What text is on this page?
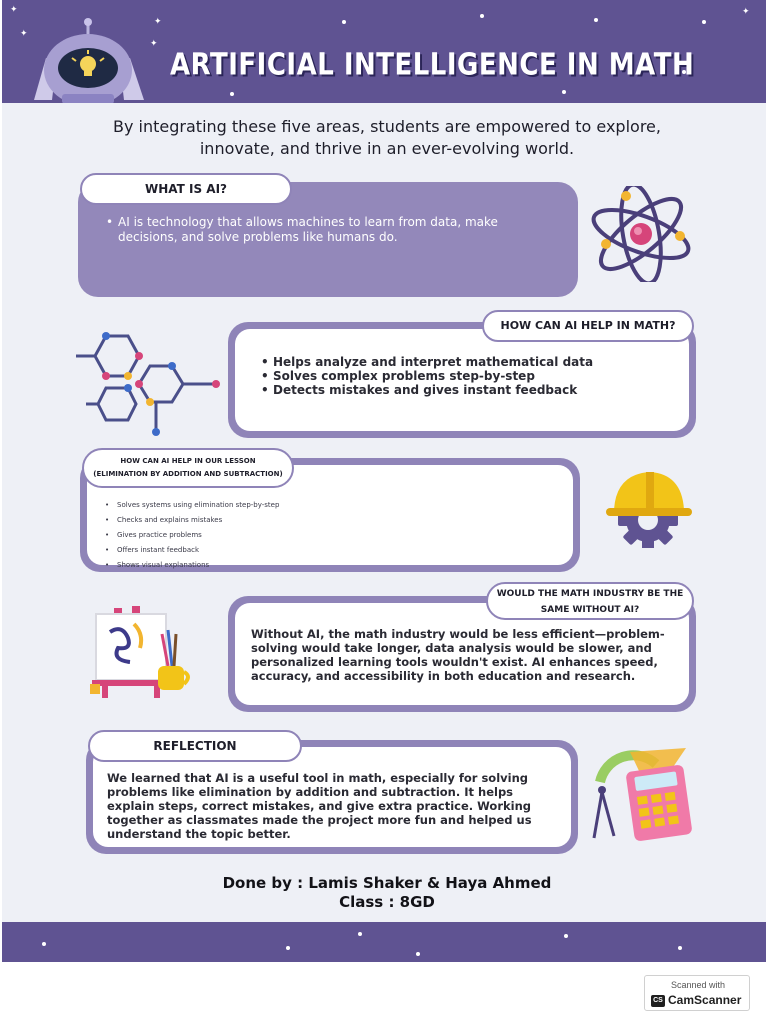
✦
✦
✦
✦
✦
ARTIFICIAL INTELLIGENCE IN MATH
By integrating these five areas, students are empowered to explore,
innovate, and thrive in an ever-evolving world.
• AI is technology that allows machines to learn from data, make decisions, and solve problems like humans do.
WHAT IS AI?
• Helps analyze and interpret mathematical data
• Solves complex problems step-by-step
• Detects mistakes and gives instant feedback
HOW CAN AI HELP IN MATH?
• Solves systems using elimination step-by-step
• Checks and explains mistakes
• Gives practice problems
• Offers instant feedback
• Shows visual explanations
HOW CAN AI HELP IN OUR LESSON
(ELIMINATION BY ADDITION AND SUBTRACTION)
Without AI, the math industry would be less efficient—problem-
solving would take longer, data analysis would be slower, and
personalized learning tools wouldn't exist. AI enhances speed,
accuracy, and accessibility in both education and research.
WOULD THE MATH INDUSTRY BE THE
SAME WITHOUT AI?
We learned that AI is a useful tool in math, especially for solving
problems like elimination by addition and subtraction. It helps
explain steps, correct mistakes, and give extra practice. Working
together as classmates made the project more fun and helped us
understand the topic better.
REFLECTION
Done by : Lamis Shaker & Haya Ahmed
Class : 8GD
Scanned with
CS CamScanner
